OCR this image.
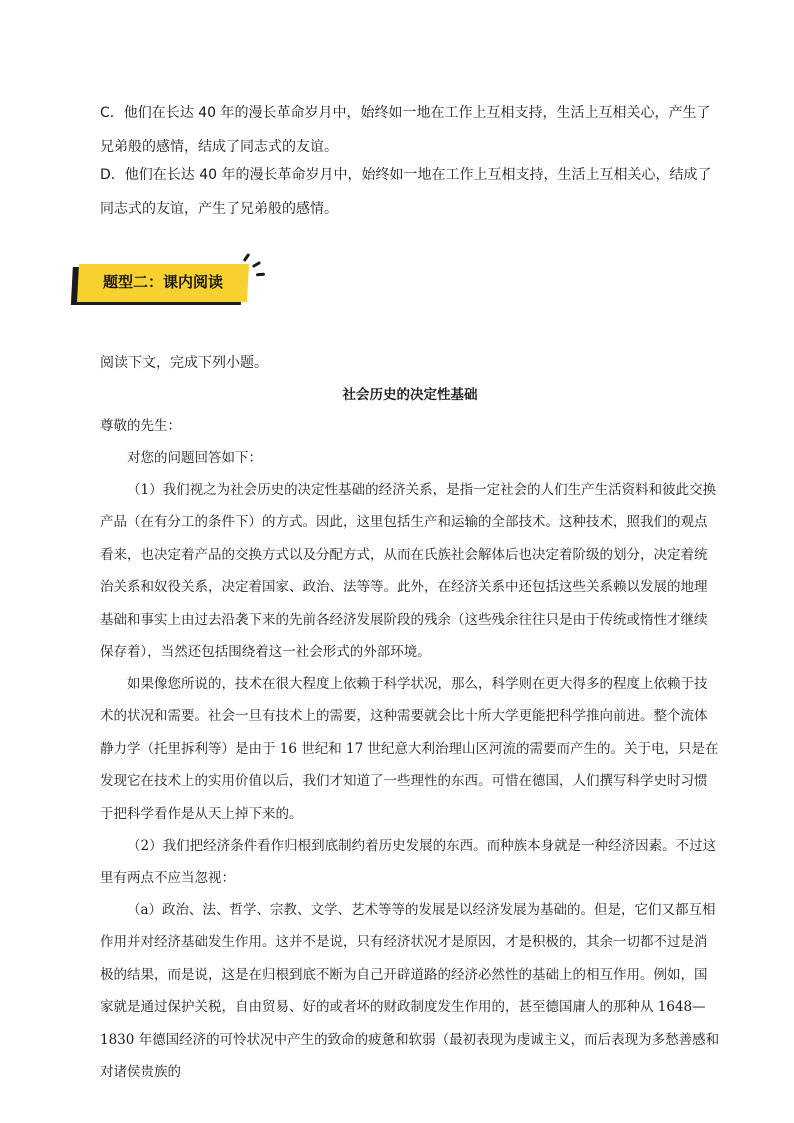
C．他们在长达 40 年的漫长革命岁月中，始终如一地在工作上互相支持，生活上互相关心，产生了兄弟般的感情，结成了同志式的友谊。

D．他们在长达 40 年的漫长革命岁月中，始终如一地在工作上互相支持，生活上互相关心，结成了同志式的友谊，产生了兄弟般的感情。

题型二：课内阅读

阅读下文，完成下列小题。

社会历史的决定性基础

尊敬的先生：

对您的问题回答如下：

（1）我们视之为社会历史的决定性基础的经济关系，是指一定社会的人们生产生活资料和彼此交换产品（在有分工的条件下）的方式。因此，这里包括生产和运输的全部技术。这种技术，照我们的观点看来，也决定着产品的交换方式以及分配方式，从而在氏族社会解体后也决定着阶级的划分，决定着统治关系和奴役关系，决定着国家、政治、法等等。此外，在经济关系中还包括这些关系赖以发展的地理基础和事实上由过去沿袭下来的先前各经济发展阶段的残余（这些残余往往只是由于传统或惰性才继续保存着），当然还包括围绕着这一社会形式的外部环境。

如果像您所说的，技术在很大程度上依赖于科学状况，那么，科学则在更大得多的程度上依赖于技术的状况和需要。社会一旦有技术上的需要，这种需要就会比十所大学更能把科学推向前进。整个流体静力学（托里拆利等）是由于 16 世纪和 17 世纪意大利治理山区河流的需要而产生的。关于电，只是在发现它在技术上的实用价值以后，我们才知道了一些理性的东西。可惜在德国，人们撰写科学史时习惯于把科学看作是从天上掉下来的。

（2）我们把经济条件看作归根到底制约着历史发展的东西。而种族本身就是一种经济因素。不过这里有两点不应当忽视：

（a）政治、法、哲学、宗教、文学、艺术等等的发展是以经济发展为基础的。但是，它们又都互相作用并对经济基础发生作用。这并不是说，只有经济状况才是原因，才是积极的，其余一切都不过是消极的结果，而是说，这是在归根到底不断为自己开辟道路的经济必然性的基础上的相互作用。例如，国家就是通过保护关税，自由贸易、好的或者坏的财政制度发生作用的，甚至德国庸人的那种从 1648—1830 年德国经济的可怜状况中产生的致命的疲惫和软弱（最初表现为虔诚主义，而后表现为多愁善感和对诸侯贵族的
